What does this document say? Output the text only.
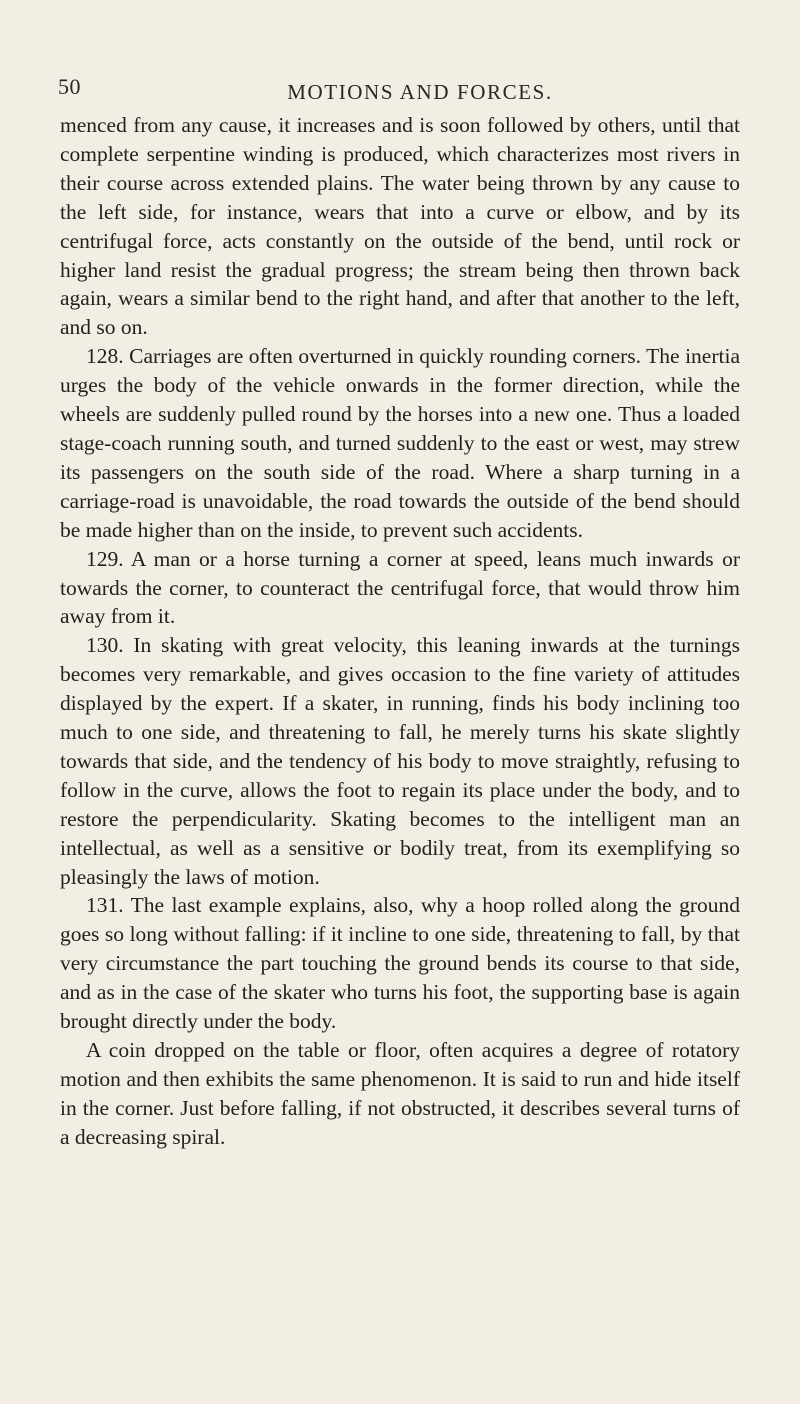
50	MOTIONS AND FORCES.

menced from any cause, it increases and is soon followed by others, until that complete serpentine winding is produced, which characterizes most rivers in their course across extended plains. The water being thrown by any cause to the left side, for instance, wears that into a curve or elbow, and by its centrifugal force, acts constantly on the outside of the bend, until rock or higher land resist the gradual progress; the stream being then thrown back again, wears a similar bend to the right hand, and after that another to the left, and so on.

128. Carriages are often overturned in quickly rounding corners. The inertia urges the body of the vehicle onwards in the former direction, while the wheels are suddenly pulled round by the horses into a new one. Thus a loaded stage-coach running south, and turned suddenly to the east or west, may strew its passengers on the south side of the road. Where a sharp turning in a carriage-road is unavoidable, the road towards the outside of the bend should be made higher than on the inside, to prevent such accidents.

129. A man or a horse turning a corner at speed, leans much inwards or towards the corner, to counteract the centrifugal force, that would throw him away from it.

130. In skating with great velocity, this leaning inwards at the turnings becomes very remarkable, and gives occasion to the fine variety of attitudes displayed by the expert. If a skater, in running, finds his body inclining too much to one side, and threatening to fall, he merely turns his skate slightly towards that side, and the tendency of his body to move straightly, refusing to follow in the curve, allows the foot to regain its place under the body, and to restore the perpendicularity. Skating becomes to the intelligent man an intellectual, as well as a sensitive or bodily treat, from its exemplifying so pleasingly the laws of motion.

131. The last example explains, also, why a hoop rolled along the ground goes so long without falling: if it incline to one side, threatening to fall, by that very circumstance the part touching the ground bends its course to that side, and as in the case of the skater who turns his foot, the supporting base is again brought directly under the body.

A coin dropped on the table or floor, often acquires a degree of rotatory motion and then exhibits the same phenomenon. It is said to run and hide itself in the corner. Just before falling, if not obstructed, it describes several turns of a decreasing spiral.
